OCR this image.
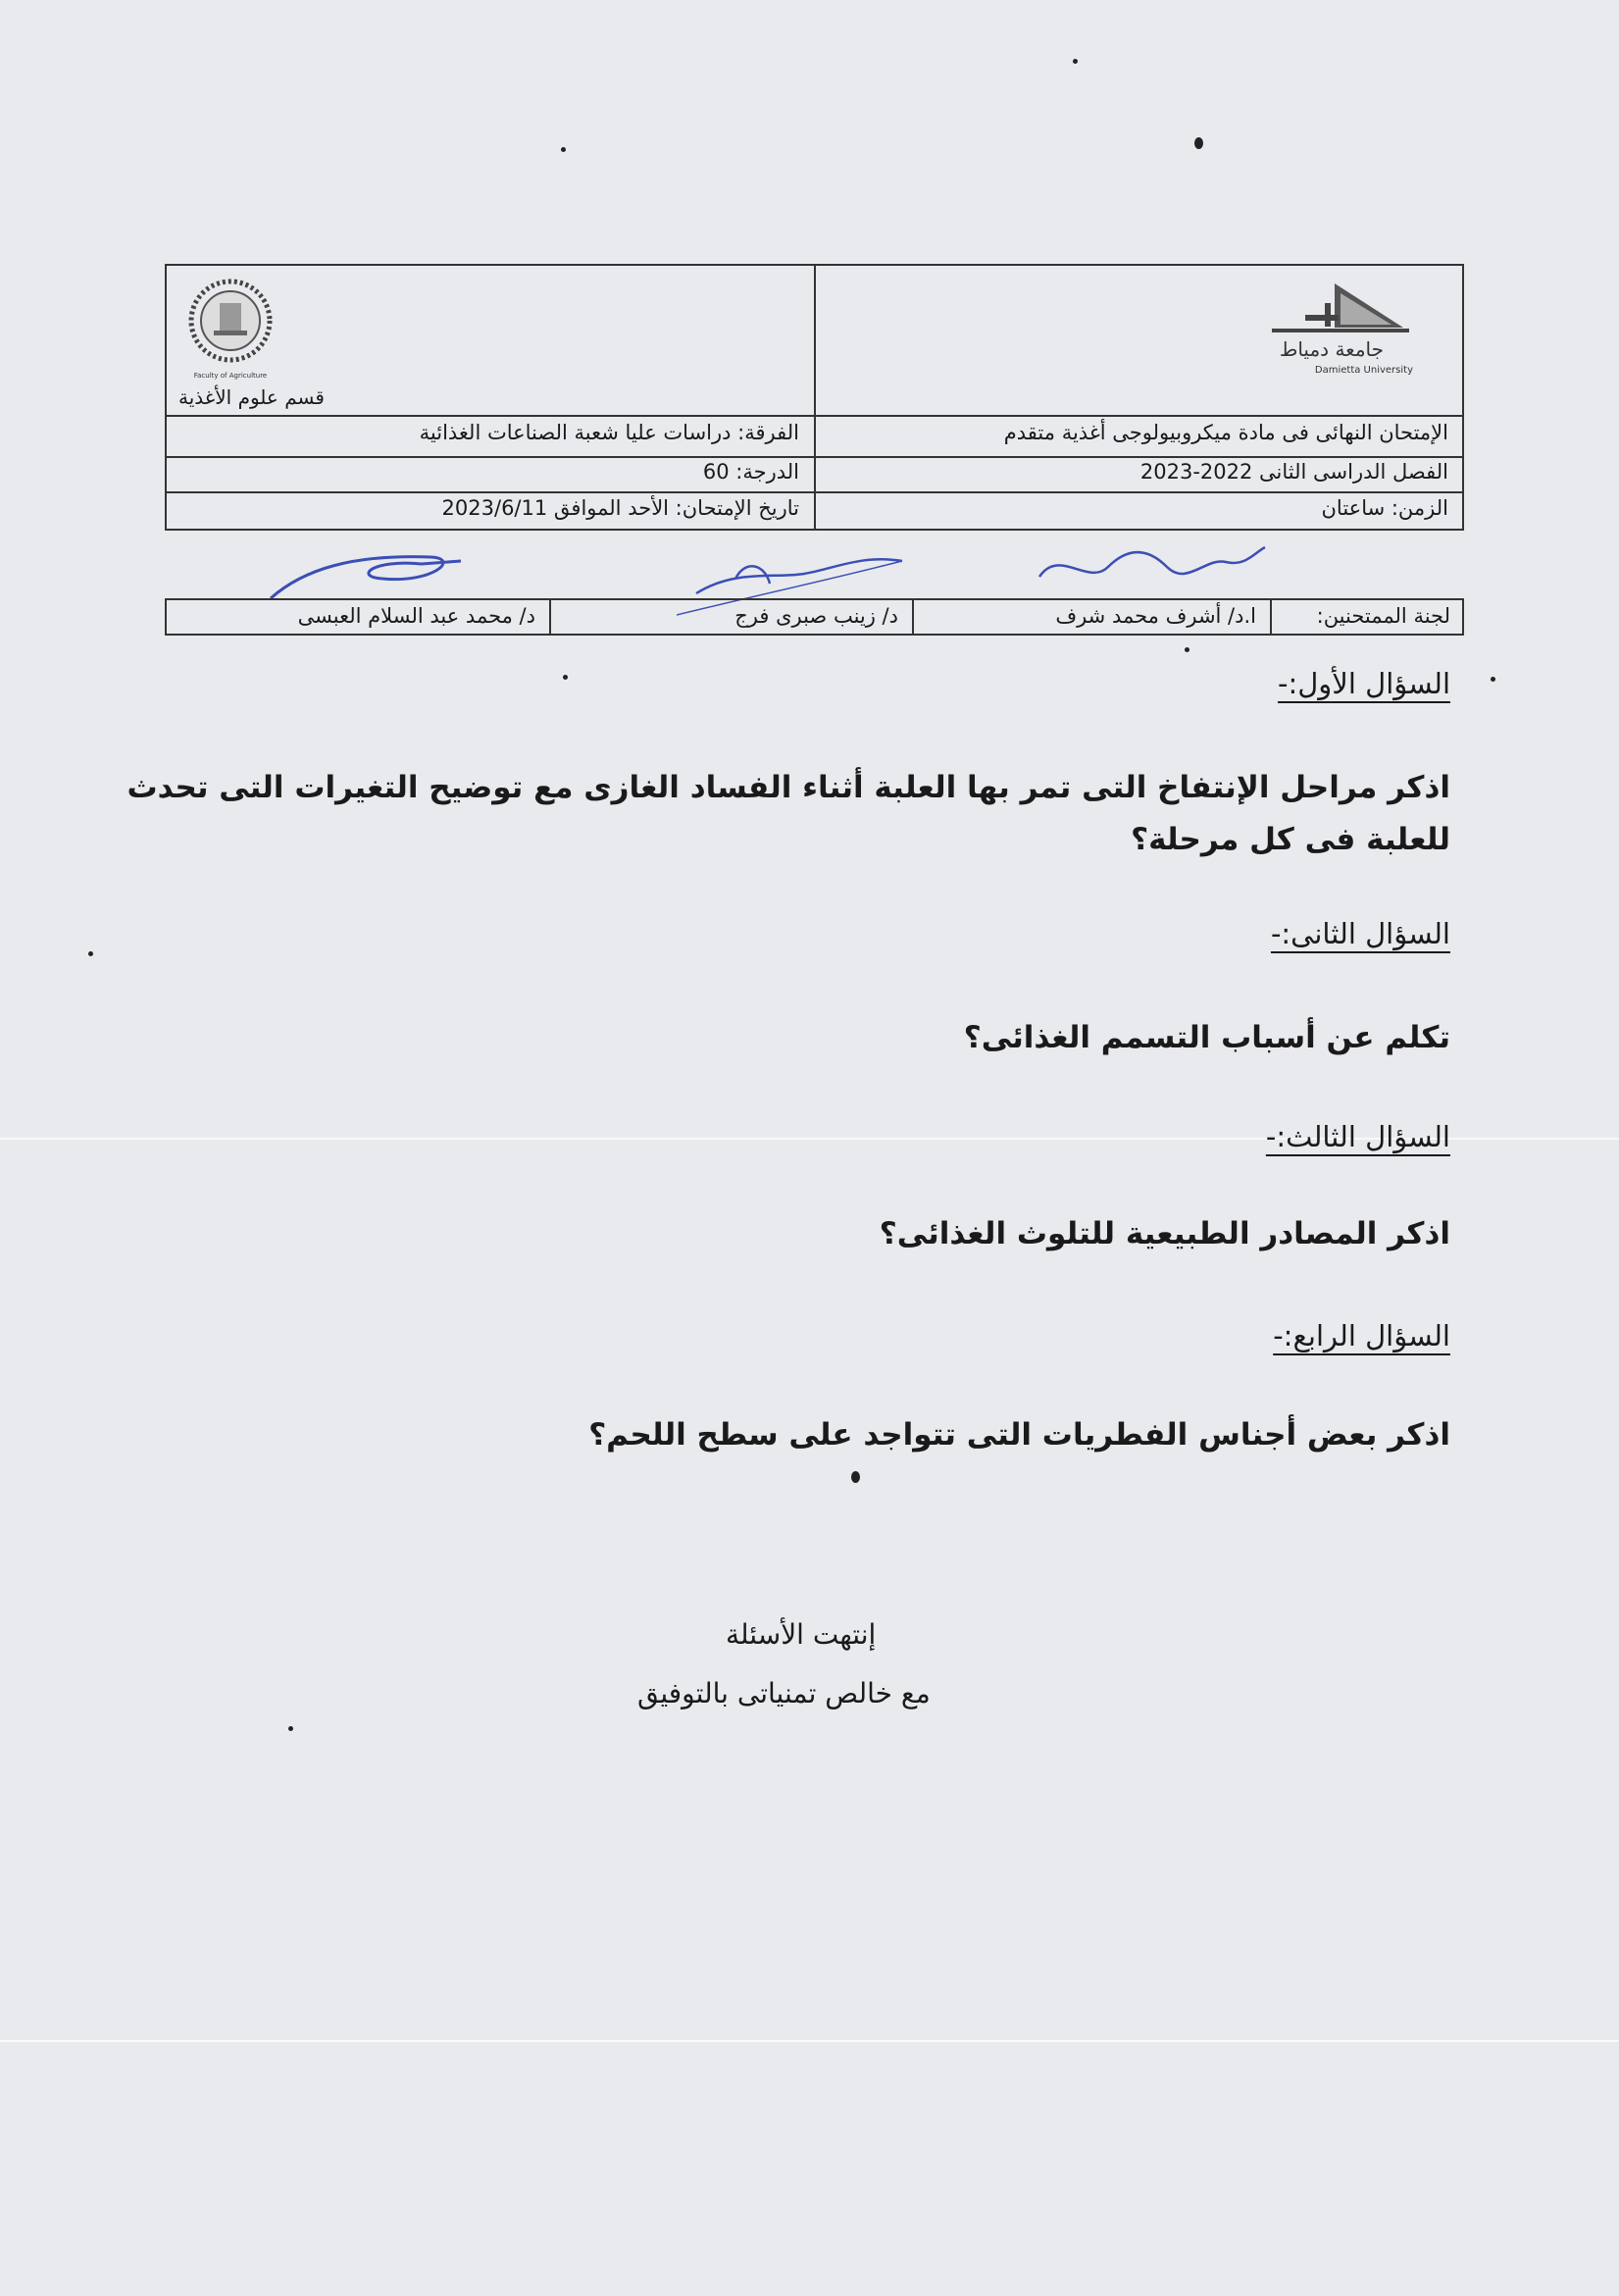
جامعة دمياط
Damietta University
Faculty of Agriculture
قسم علوم الأغذية
الإمتحان النهائى فى مادة ميكروبيولوجى أغذية متقدم
الفرقة: دراسات عليا شعبة الصناعات الغذائية
الفصل الدراسى الثانى 2022-2023
الدرجة: 60
الزمن: ساعتان
تاريخ الإمتحان: الأحد الموافق 2023/6/11
لجنة الممتحنين:
ا.د/ أشرف محمد شرف
د/ زينب صبرى فرج
د/ محمد عبد السلام العبسى
السؤال الأول:-
اذكر مراحل الإنتفاخ التى تمر بها العلبة أثناء الفساد الغازى مع توضيح التغيرات التى تحدث
للعلبة فى كل مرحلة؟
السؤال الثانى:-
تكلم عن أسباب التسمم الغذائى؟
السؤال الثالث:-
اذكر المصادر الطبيعية للتلوث الغذائى؟
السؤال الرابع:-
اذكر بعض أجناس الفطريات التى تتواجد على سطح اللحم؟
إنتهت الأسئلة
مع خالص تمنياتى بالتوفيق
